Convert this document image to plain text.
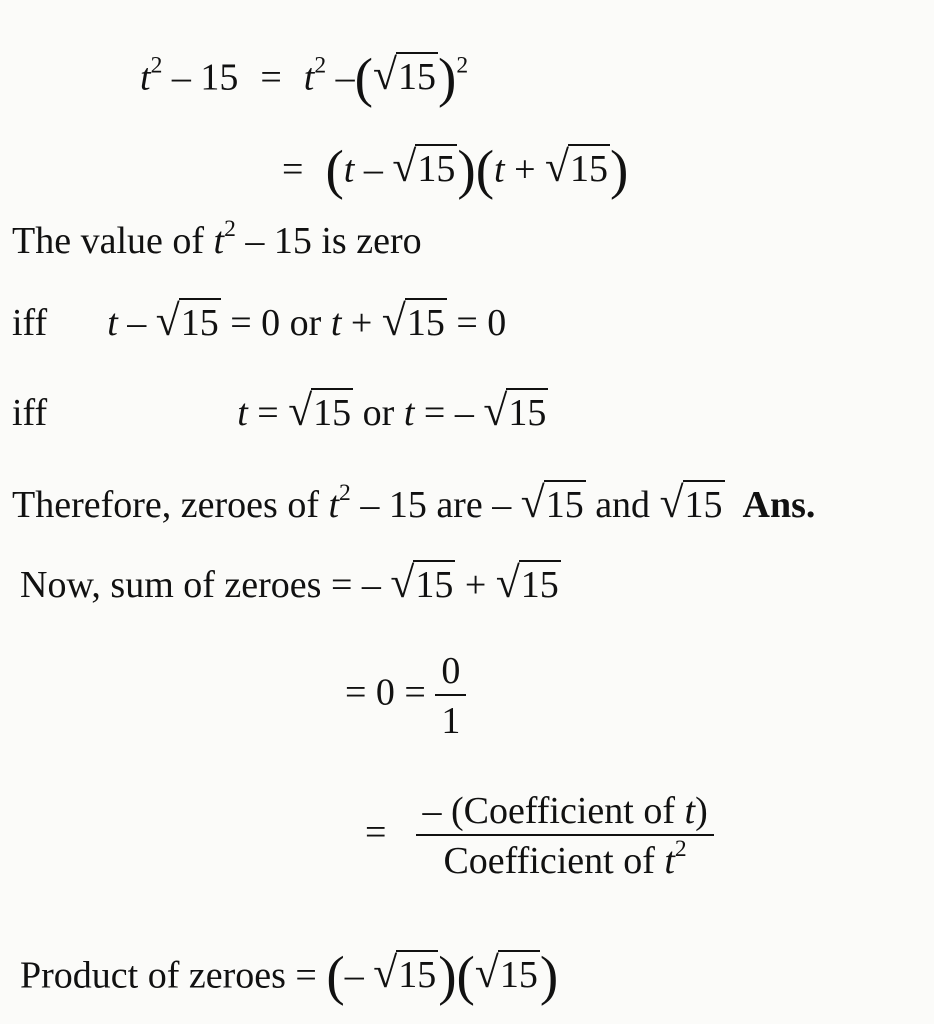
$t^2 - 15 = t^2$ $-(√15)^2$
= (t – √15)(t + √15)
The value of $t^2 - 15$ is zero
iff t – √15 = 0 or t + √15 = 0
iff	t = √15 or t = – √15
Therefore, zeroes of $t^2 - 15$ are – √15 and √15 Ans.
Now, sum of zeroes = – √15 + √15
= $0 = \frac{0}{1}$
= $\frac{\text{– (Coefficient of t)}}{Coefficient of t^2}$
Product of zeroes = (– √15)(√15)
